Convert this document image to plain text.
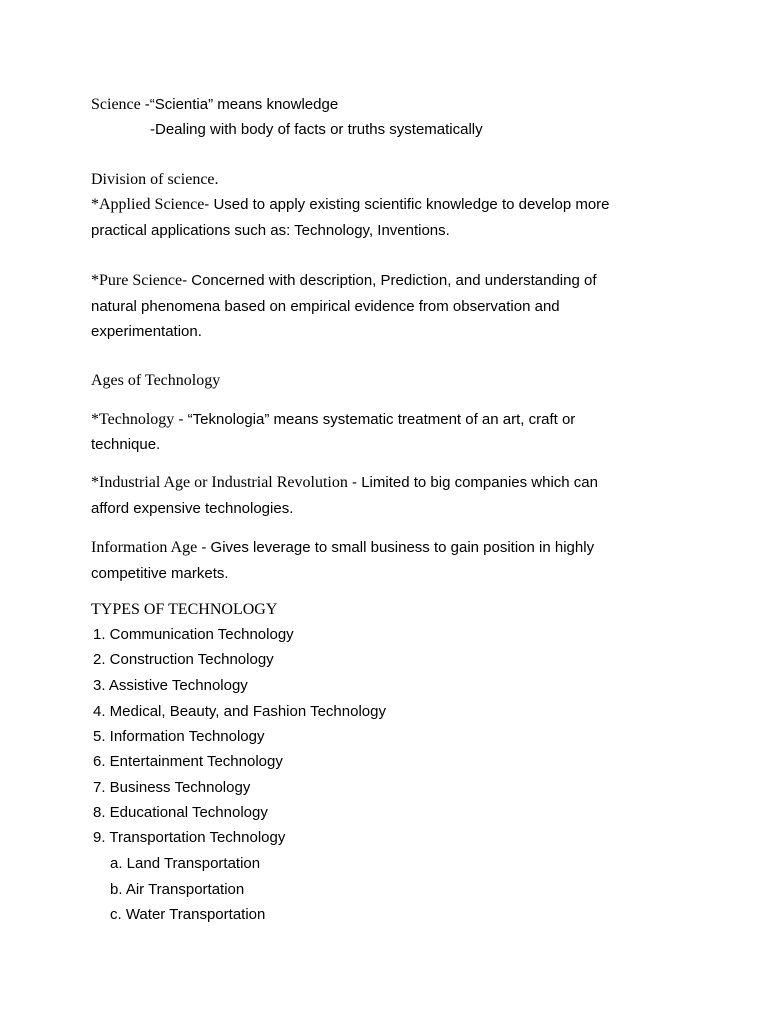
Science -“Scientia” means knowledge
-Dealing with body of facts or truths systematically
Division of science.
*Applied Science- Used to apply existing scientific knowledge to develop more
practical applications such as: Technology, Inventions.
*Pure Science- Concerned with description, Prediction, and understanding of
natural phenomena based on empirical evidence from observation and
experimentation.
Ages of Technology
*Technology - “Teknologia” means systematic treatment of an art, craft or
technique.
*Industrial Age or Industrial Revolution - Limited to big companies which can
afford expensive technologies.
Information Age - Gives leverage to small business to gain position in highly
competitive markets.
TYPES OF TECHNOLOGY
1. Communication Technology
2. Construction Technology
3. Assistive Technology
4. Medical, Beauty, and Fashion Technology
5. Information Technology
6. Entertainment Technology
7. Business Technology
8. Educational Technology
9. Transportation Technology
a. Land Transportation
b. Air Transportation
c. Water Transportation
